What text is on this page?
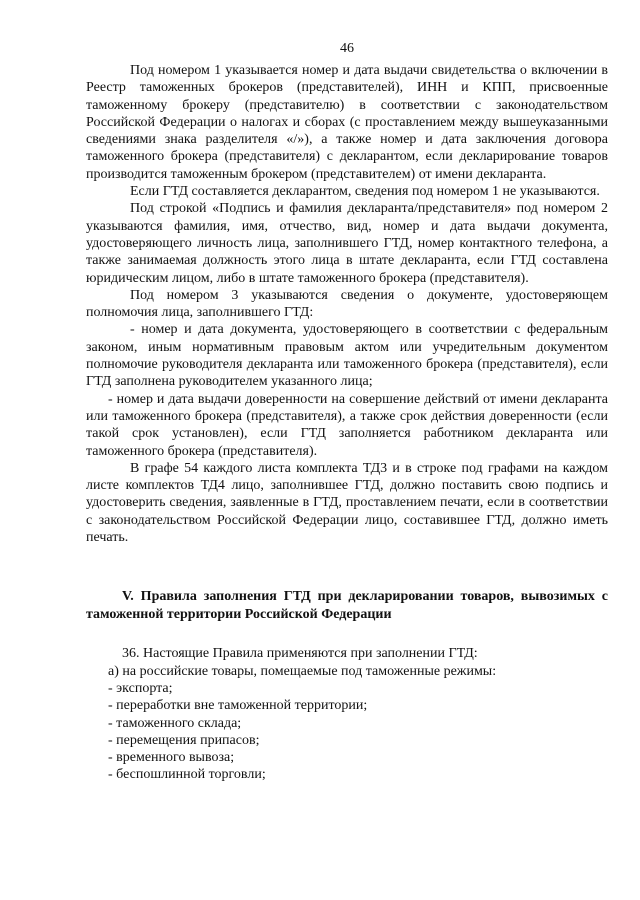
46

Под номером 1 указывается номер и дата выдачи свидетельства о включении в Реестр таможенных брокеров (представителей), ИНН и КПП, присвоенные таможенному брокеру (представителю) в соответствии с законодательством Российской Федерации о налогах и сборах (с проставлением между вышеуказанными сведениями знака разделителя «/»), а также номер и дата заключения договора таможенного брокера (представителя) с декларантом, если декларирование товаров производится таможенным брокером (представителем) от имени декларанта.

Если ГТД составляется декларантом, сведения под номером 1 не указываются.

Под строкой «Подпись и фамилия декларанта/представителя» под номером 2 указываются фамилия, имя, отчество, вид, номер и дата выдачи документа, удостоверяющего личность лица, заполнившего ГТД, номер контактного телефона, а также занимаемая должность этого лица в штате декларанта, если ГТД составлена юридическим лицом, либо в штате таможенного брокера (представителя).

Под номером 3 указываются сведения о документе, удостоверяющем полномочия лица, заполнившего ГТД:

- номер и дата документа, удостоверяющего в соответствии с федеральным законом, иным нормативным правовым актом или учредительным документом полномочие руководителя декларанта или таможенного брокера (представителя), если ГТД заполнена руководителем указанного лица;

- номер и дата выдачи доверенности на совершение действий от имени декларанта или таможенного брокера (представителя), а также срок действия доверенности (если такой срок установлен), если ГТД заполняется работником декларанта или таможенного брокера (представителя).

В графе 54 каждого листа комплекта ТД3 и в строке под графами на каждом листе комплектов ТД4 лицо, заполнившее ГТД, должно поставить свою подпись и удостоверить сведения, заявленные в ГТД, проставлением печати, если в соответствии с законодательством Российской Федерации лицо, составившее ГТД, должно иметь печать.

V. Правила заполнения ГТД при декларировании товаров, вывозимых с таможенной территории Российской Федерации

36. Настоящие Правила применяются при заполнении ГТД:

а) на российские товары, помещаемые под таможенные режимы:

- экспорта;

- переработки вне таможенной территории;

- таможенного склада;

- перемещения припасов;

- временного вывоза;

- беспошлинной торговли;
